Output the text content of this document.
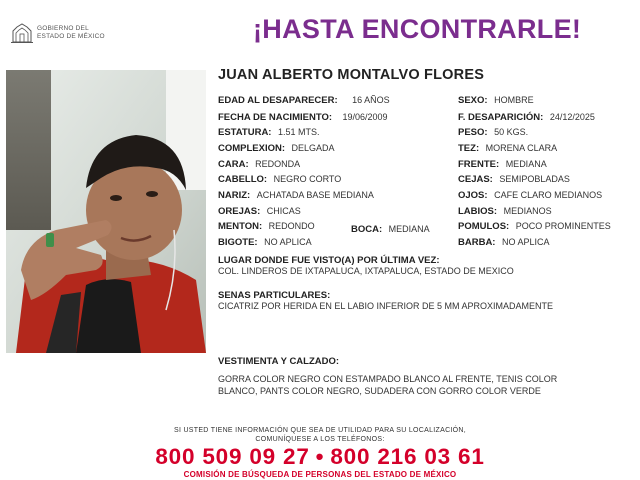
GOBIERNO DEL
ESTADO DE MÉXICO	¡HASTA ENCONTRARLE!
JUAN ALBERTO MONTALVO FLORES
EDAD AL DESAPARECER: 16 AÑOS
FECHA DE NACIMIENTO: 19/06/2009
ESTATURA: 1.51 MTS.
COMPLEXION: DELGADA
CARA: REDONDA
CABELLO: NEGRO CORTO
NARIZ: ACHATADA BASE MEDIANA
OREJAS: CHICAS
MENTON: REDONDO	BOCA: MEDIANA
BIGOTE: NO APLICA
SEXO: HOMBRE
F. DESAPARICIÓN: 24/12/2025
PESO: 50 KGS.
TEZ: MORENA CLARA
FRENTE: MEDIANA
CEJAS: SEMIPOBLADAS
OJOS: CAFE CLARO MEDIANOS
LABIOS: MEDIANOS
POMULOS: POCO PROMINENTES
BARBA: NO APLICA
LUGAR DONDE FUE VISTO(A) POR ÚLTIMA VEZ:
COL. LINDEROS DE IXTAPALUCA, IXTAPALUCA, ESTADO DE MEXICO
SENAS PARTICULARES:
CICATRIZ POR HERIDA EN EL LABIO INFERIOR DE 5 MM APROXIMADAMENTE
VESTIMENTA Y CALZADO:
GORRA COLOR NEGRO CON ESTAMPADO BLANCO AL FRENTE, TENIS COLOR BLANCO, PANTS COLOR NEGRO, SUDADERA CON GORRO COLOR VERDE
SI USTED TIENE INFORMACIÓN QUE SEA DE UTILIDAD PARA SU LOCALIZACIÓN,
COMUNÍQUESE A LOS TELÉFONOS:
800 509 09 27 • 800 216 03 61
COMISIÓN DE BÚSQUEDA DE PERSONAS DEL ESTADO DE MÉXICO
